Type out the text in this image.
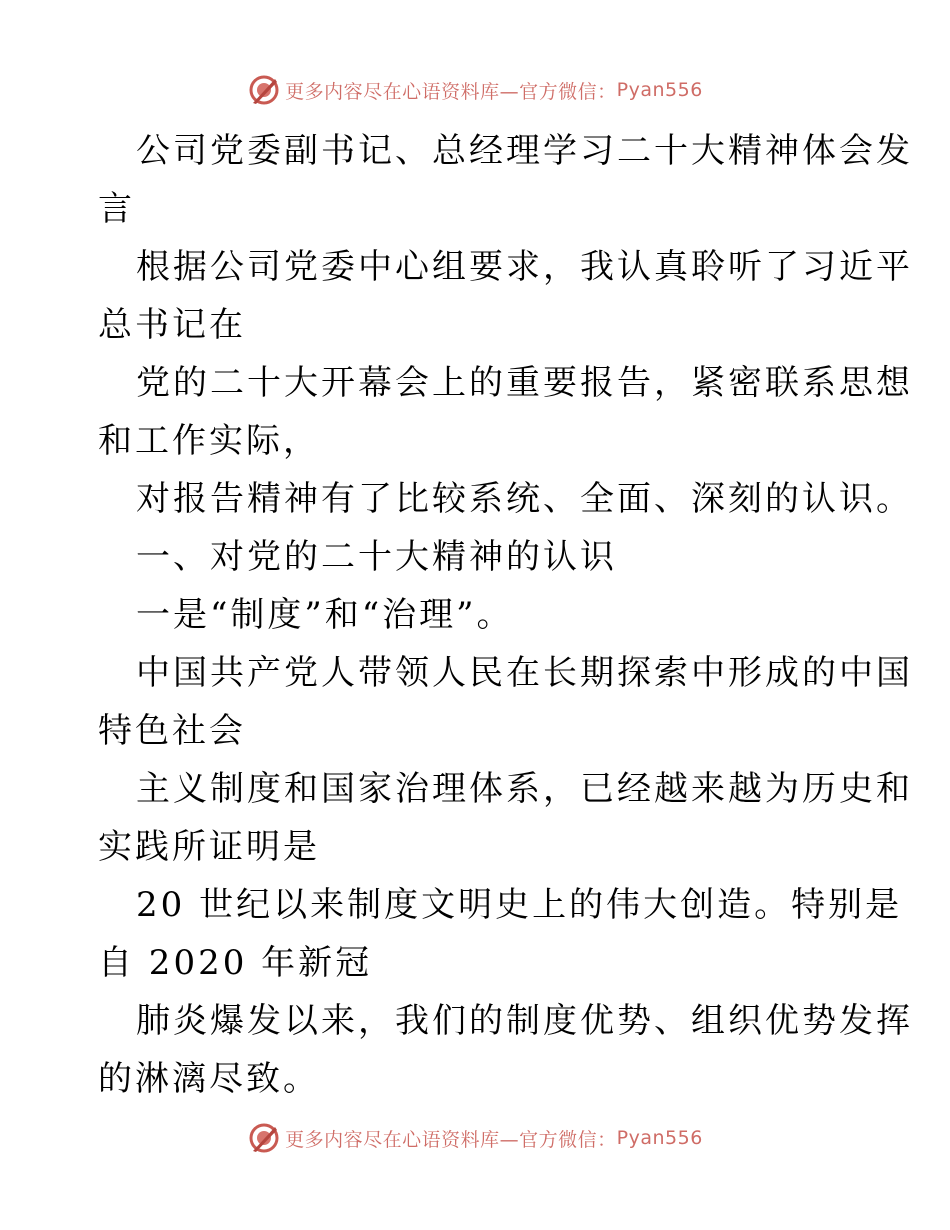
更多内容尽在心语资料库—官方微信： Pyan556
公司党委副书记、总经理学习二十大精神体会发
言
根据公司党委中心组要求，我认真聆听了习近平
总书记在
党的二十大开幕会上的重要报告，紧密联系思想
和工作实际，
对报告精神有了比较系统、全面、深刻的认识。
一、对党的二十大精神的认识
一是“制度”和“治理”。
中国共产党人带领人民在长期探索中形成的中国
特色社会
主义制度和国家治理体系，已经越来越为历史和
实践所证明是
20 世纪以来制度文明史上的伟大创造。特别是
自 2020 年新冠
肺炎爆发以来，我们的制度优势、组织优势发挥
的淋漓尽致。
更多内容尽在心语资料库—官方微信： Pyan556
